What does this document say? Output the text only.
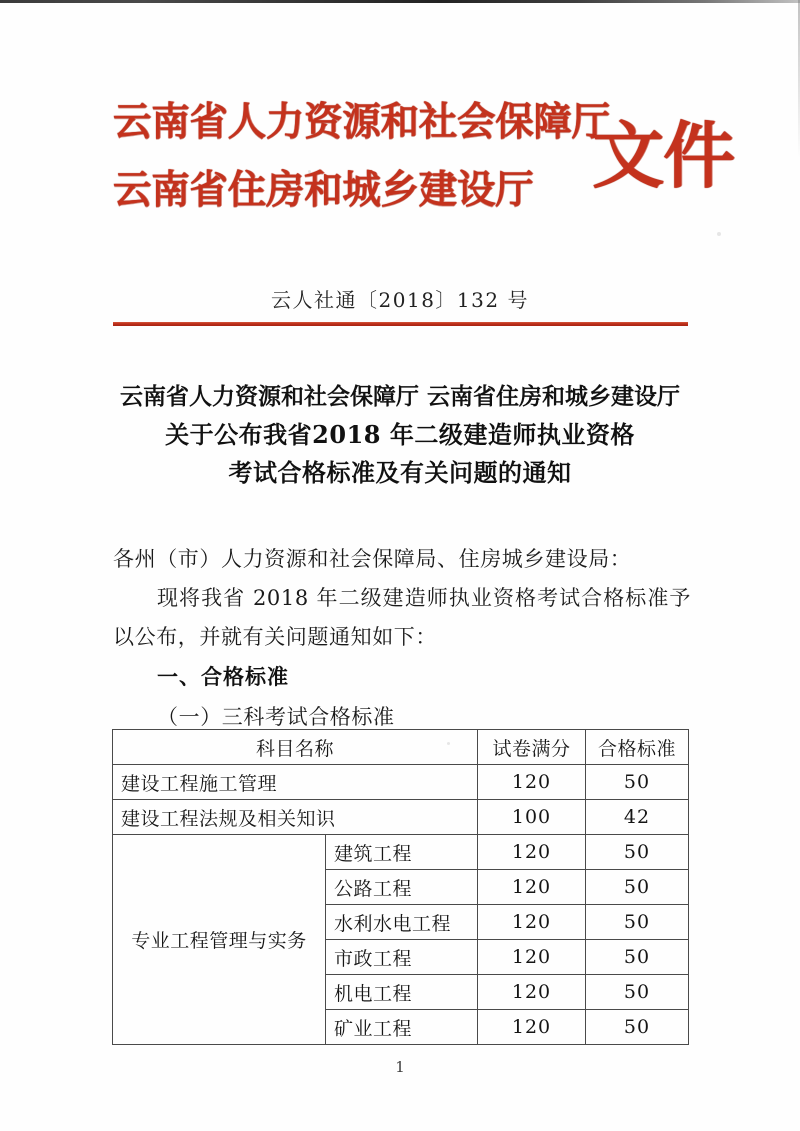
云南省人力资源和社会保障厅
云南省住房和城乡建设厅 文件
云人社通〔2018〕132 号
云南省人力资源和社会保障厅 云南省住房和城乡建设厅
关于公布我省2018 年二级建造师执业资格
考试合格标准及有关问题的通知
各州（市）人力资源和社会保障局、住房城乡建设局：
现将我省 2018 年二级建造师执业资格考试合格标准予以公布，并就有关问题通知如下：
一、合格标准
（一）三科考试合格标准
科目名称		试卷满分	合格标准
建设工程施工管理		120	50
建设工程法规及相关知识		100	42
专业工程管理与实务	建筑工程	120	50
	公路工程	120	50
	水利水电工程	120	50
	市政工程	120	50
	机电工程	120	50
	矿业工程	120	50
1
